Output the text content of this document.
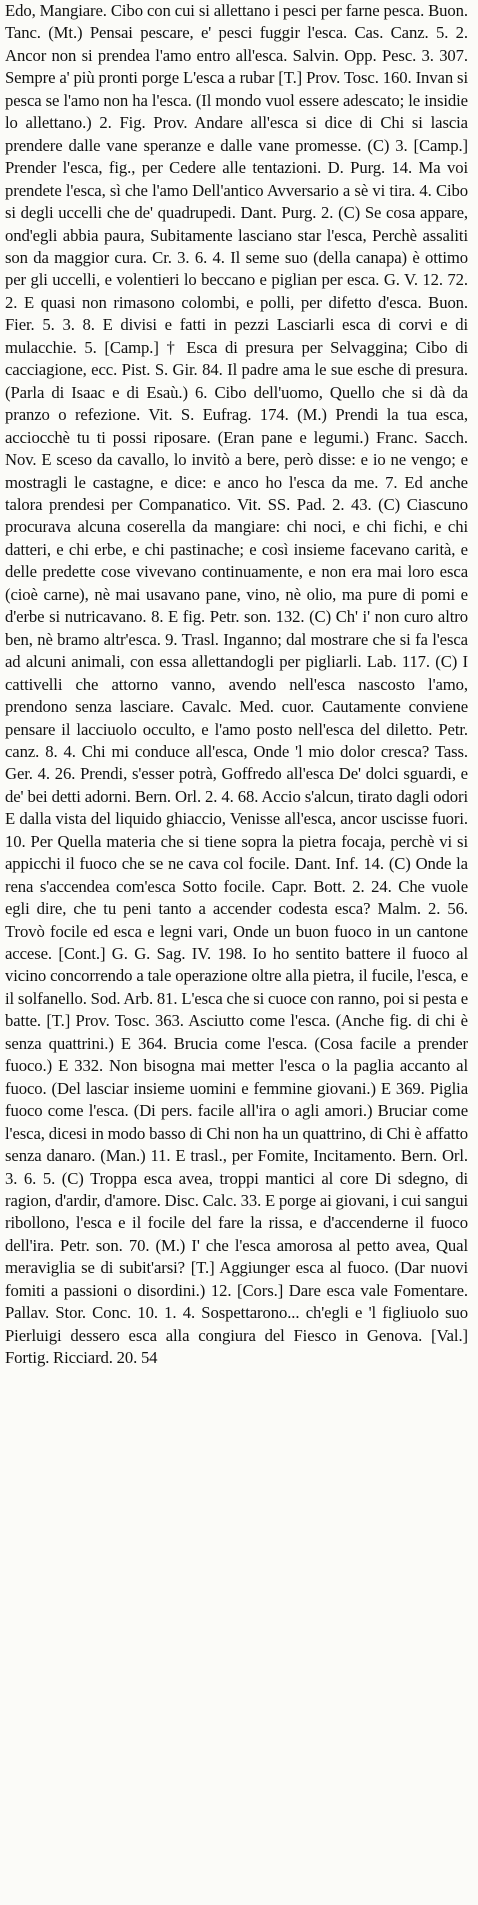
Edo, Mangiare. Cibo con cui si allettano i pesci per farne pesca. Buon. Tanc. (Mt.) Pensai pescare, e' pesci fuggir l'esca. Cas. Canz. 5. 2. Ancor non si prendea l'amo entro all'esca. Salvin. Opp. Pesc. 3. 307. Sempre a' più pronti porge L'esca a rubar [T.] Prov. Tosc. 160. Invan si pesca se l'amo non ha l'esca. (Il mondo vuol essere adescato; le insidie lo allettano.) 2. Fig. Prov. Andare all'esca si dice di Chi si lascia prendere dalle vane speranze e dalle vane promesse. (C) 3. [Camp.] Prender l'esca, fig., per Cedere alle tentazioni. D. Purg. 14. Ma voi prendete l'esca, sì che l'amo Dell'antico Avversario a sè vi tira. 4. Cibo si degli uccelli che de' quadrupedi. Dant. Purg. 2. (C) Se cosa appare, ond'egli abbia paura, Subitamente lasciano star l'esca, Perchè assaliti son da maggior cura. Cr. 3. 6. 4. Il seme suo (della canapa) è ottimo per gli uccelli, e volentieri lo beccano e piglian per esca. G. V. 12. 72. 2. E quasi non rimasono colombi, e polli, per difetto d'esca. Buon. Fier. 5. 3. 8. E divisi e fatti in pezzi Lasciarli esca di corvi e di mulacchie. 5. [Camp.] † Esca di presura per Selvaggina; Cibo di cacciagione, ecc. Pist. S. Gir. 84. Il padre ama le sue esche di presura. (Parla di Isaac e di Esaù.) 6. Cibo dell'uomo, Quello che si dà da pranzo o refezione. Vit. S. Eufrag. 174. (M.) Prendi la tua esca, acciocchè tu ti possi riposare. (Eran pane e legumi.) Franc. Sacch. Nov. E sceso da cavallo, lo invitò a bere, però disse: e io ne vengo; e mostragli le castagne, e dice: e anco ho l'esca da me. 7. Ed anche talora prendesi per Companatico. Vit. SS. Pad. 2. 43. (C) Ciascuno procurava alcuna coserella da mangiare: chi noci, e chi fichi, e chi datteri, e chi erbe, e chi pastinache; e così insieme facevano carità, e delle predette cose vivevano continuamente, e non era mai loro esca (cioè carne), nè mai usavano pane, vino, nè olio, ma pure di pomi e d'erbe si nutricavano. 8. E fig. Petr. son. 132. (C) Ch' i' non curo altro ben, nè bramo altr'esca. 9. Trasl. Inganno; dal mostrare che si fa l'esca ad alcuni animali, con essa allettandogli per pigliarli. Lab. 117. (C) I cattivelli che attorno vanno, avendo nell'esca nascosto l'amo, prendono senza lasciare. Cavalc. Med. cuor. Cautamente conviene pensare il lacciuolo occulto, e l'amo posto nell'esca del diletto. Petr. canz. 8. 4. Chi mi conduce all'esca, Onde 'l mio dolor cresca? Tass. Ger. 4. 26. Prendi, s'esser potrà, Goffredo all'esca De' dolci sguardi, e de' bei detti adorni. Bern. Orl. 2. 4. 68. Accio s'alcun, tirato dagli odori E dalla vista del liquido ghiaccio, Venisse all'esca, ancor uscisse fuori. 10. Per Quella materia che si tiene sopra la pietra focaja, perchè vi si appicchi il fuoco che se ne cava col focile. Dant. Inf. 14. (C) Onde la rena s'accendea com'esca Sotto focile. Capr. Bott. 2. 24. Che vuole egli dire, che tu peni tanto a accender codesta esca? Malm. 2. 56. Trovò focile ed esca e legni vari, Onde un buon fuoco in un cantone accese. [Cont.] G. G. Sag. IV. 198. Io ho sentito battere il fuoco al vicino concorrendo a tale operazione oltre alla pietra, il fucile, l'esca, e il solfanello. Sod. Arb. 81. L'esca che si cuoce con ranno, poi si pesta e batte. [T.] Prov. Tosc. 363. Asciutto come l'esca. (Anche fig. di chi è senza quattrini.) E 364. Brucia come l'esca. (Cosa facile a prender fuoco.) E 332. Non bisogna mai metter l'esca o la paglia accanto al fuoco. (Del lasciar insieme uomini e femmine giovani.) E 369. Piglia fuoco come l'esca. (Di pers. facile all'ira o agli amori.) Bruciar come l'esca, dicesi in modo basso di Chi non ha un quattrino, di Chi è affatto senza danaro. (Man.) 11. E trasl., per Fomite, Incitamento. Bern. Orl. 3. 6. 5. (C) Troppa esca avea, troppi mantici al core Di sdegno, di ragion, d'ardir, d'amore. Disc. Calc. 33. E porge ai giovani, i cui sangui ribollono, l'esca e il focile del fare la rissa, e d'accenderne il fuoco dell'ira. Petr. son. 70. (M.) I' che l'esca amorosa al petto avea, Qual meraviglia se di subit'arsi? [T.] Aggiunger esca al fuoco. (Dar nuovi fomiti a passioni o disordini.) 12. [Cors.] Dare esca vale Fomentare. Pallav. Stor. Conc. 10. 1. 4. Sospettarono... ch'egli e 'l figliuolo suo Pierluigi dessero esca alla congiura del Fiesco in Genova. [Val.] Fortig. Ricciard. 20. 54
